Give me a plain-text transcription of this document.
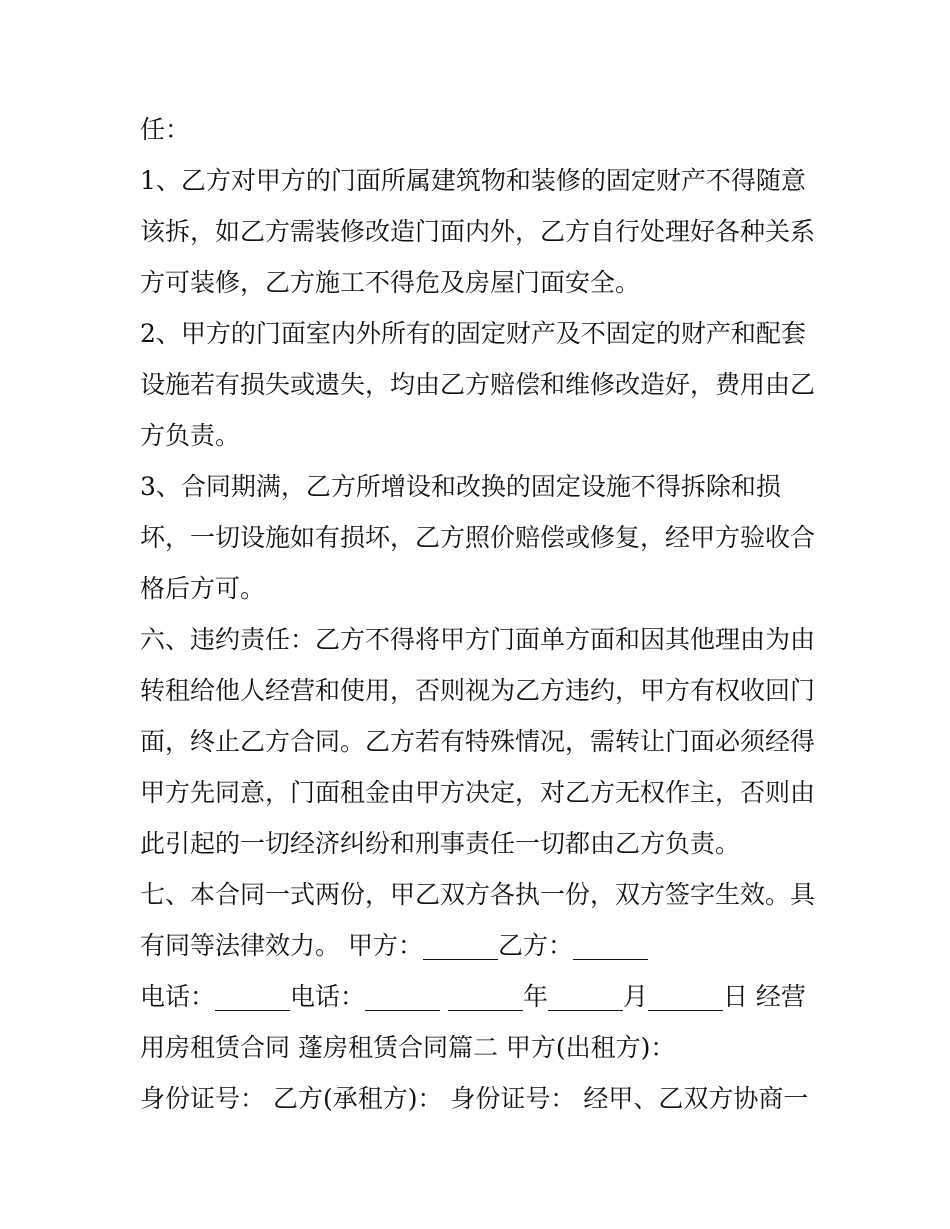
任：

1、乙方对甲方的门面所属建筑物和装修的固定财产不得随意

该拆，如乙方需装修改造门面内外，乙方自行处理好各种关系

方可装修，乙方施工不得危及房屋门面安全。

2、甲方的门面室内外所有的固定财产及不固定的财产和配套

设施若有损失或遗失，均由乙方赔偿和维修改造好，费用由乙

方负责。

3、合同期满，乙方所增设和改换的固定设施不得拆除和损

坏，一切设施如有损坏，乙方照价赔偿或修复，经甲方验收合

格后方可。

六、违约责任：乙方不得将甲方门面单方面和因其他理由为由

转租给他人经营和使用，否则视为乙方违约，甲方有权收回门

面，终止乙方合同。乙方若有特殊情况，需转让门面必须经得

甲方先同意，门面租金由甲方决定，对乙方无权作主，否则由

此引起的一切经济纠纷和刑事责任一切都由乙方负责。

七、本合同一式两份，甲乙双方各执一份，双方签字生效。具

有同等法律效力。 甲方：______乙方：______

电话：______电话：______ ______年______月______日 经营

用房租赁合同 蓬房租赁合同篇二 甲方(出租方)：

身份证号： 乙方(承租方)： 身份证号： 经甲、乙双方协商一
